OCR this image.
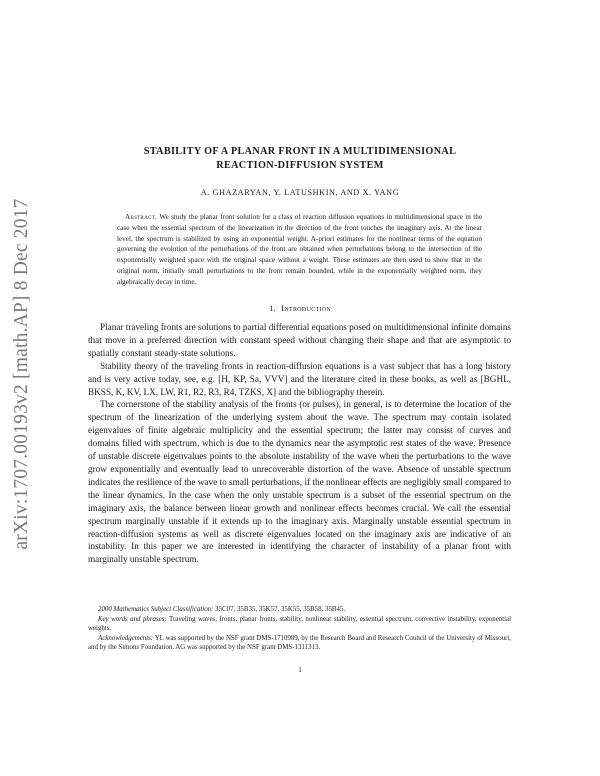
arXiv:1707.00193v2 [math.AP] 8 Dec 2017
STABILITY OF A PLANAR FRONT IN A MULTIDIMENSIONAL
REACTION-DIFFUSION SYSTEM
A. GHAZARYAN, Y. LATUSHKIN, AND X. YANG
Abstract. We study the planar front solution for a class of reaction diffusion equations in multidimensional space in the case when the essential spectrum of the linearization in the direction of the front touches the imaginary axis. At the linear level, the spectrum is stabilized by using an exponential weight. A-priori estimates for the nonlinear terms of the equation governing the evolution of the perturbations of the front are obtained when perturbations belong to the intersection of the exponentially weighted space with the original space without a weight. These estimates are then used to show that in the original norm, initially small perturbations to the front remain bounded, while in the exponentially weighted norm, they algebraically decay in time.
1. Introduction

Planar traveling fronts are solutions to partial differential equations posed on multidimensional infinite domains that move in a preferred direction with constant speed without changing their shape and that are asymptotic to spatially constant steady-state solutions.

Stability theory of the traveling fronts in reaction-diffusion equations is a vast subject that has a long history and is very active today, see, e.g. [H, KP, Sa, VVV] and the literature cited in these books, as well as [BGHL, BKSS, K, KV, LX, LW, R1, R2, R3, R4, TZKS, X] and the bibliography therein.

The cornerstone of the stability analysis of the fronts (or pulses), in general, is to determine the location of the spectrum of the linearization of the underlying system about the wave. The spectrum may contain isolated eigenvalues of finite algebraic multiplicity and the essential spectrum; the latter may consist of curves and domains filled with spectrum, which is due to the dynamics near the asymptotic rest states of the wave. Presence of unstable discrete eigenvalues points to the absolute instability of the wave when the perturbations to the wave grow exponentially and eventually lead to unrecoverable distortion of the wave. Absence of unstable spectrum indicates the resilience of the wave to small perturbations, if the nonlinear effects are negligibly small compared to the linear dynamics. In the case when the only unstable spectrum is a subset of the essential spectrum on the imaginary axis, the balance between linear growth and nonlinear effects becomes crucial. We call the essential spectrum marginally unstable if it extends up to the imaginary axis. Marginally unstable essential spectrum in reaction-diffusion systems as well as discrete eigenvalues located on the imaginary axis are indicative of an instability. In this paper we are interested in identifying the character of instability of a planar front with marginally unstable spectrum.

2000 Mathematics Subject Classification: 35C07, 35B35, 35K57, 35K55, 35B58, 35B45.

Key words and phrases: Traveling waves, fronts, planar fronts, stability, nonlinear stability, essential spectrum, convective instability, exponential weights.

Acknowledgements: YL was supported by the NSF grant DMS-1710989, by the Research Board and Research Council of the University of Missouri, and by the Simons Foundation. AG was supported by the NSF grant DMS-1311313.

1
